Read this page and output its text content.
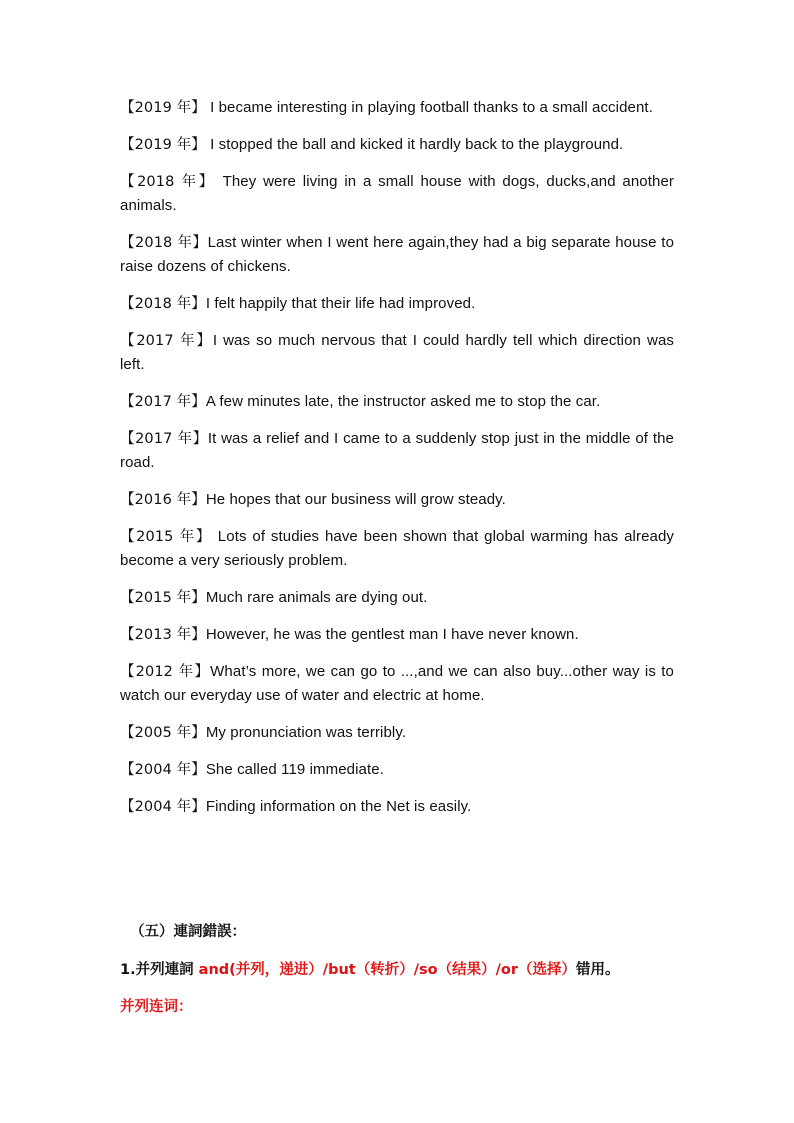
【2019 年】 I became interesting in playing football thanks to a small accident.

【2019 年】 I stopped the ball and kicked it hardly back to the playground.

【2018 年】 They were living in a small house with dogs, ducks,and another animals.

【2018 年】Last winter when I went here again,they had a big separate house to raise dozens of chickens.

【2018 年】I felt happily that their life had improved.

【2017 年】I was so much nervous that I could hardly tell which direction was left.

【2017 年】A few minutes late, the instructor asked me to stop the car.

【2017 年】It was a relief and I came to a suddenly stop just in the middle of the road.

【2016 年】He hopes that our business will grow steady.

【2015 年】 Lots of studies have been shown that global warming has already become a very seriously problem.

【2015 年】Much rare animals are dying out.

【2013 年】However, he was the gentlest man I have never known.

【2012 年】What’s more, we can go to ...,and we can also buy...other way is to watch our everyday use of water and electric at home.

【2005 年】My pronunciation was terribly.

【2004 年】She called 119 immediate.

【2004 年】Finding information on the Net is easily.

（五）連詞錯誤：

1.并列連詞 and(并列，递进）/but（转折）/so（结果）/or（选择）错用。

并列连词：
